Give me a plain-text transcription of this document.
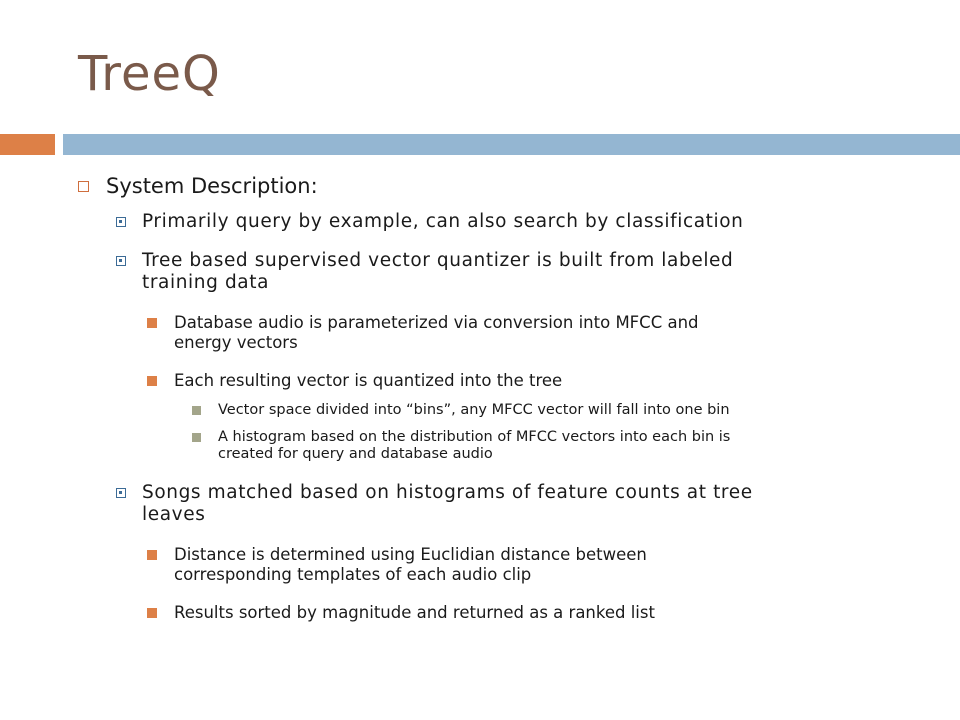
TreeQ
System Description:
Primarily query by example, can also search by classification
Tree based supervised vector quantizer is built from labeled
training data
Database audio is parameterized via conversion into MFCC and
energy vectors
Each resulting vector is quantized into the tree
Vector space divided into “bins”, any MFCC vector will fall into one bin
A histogram based on the distribution of MFCC vectors into each bin is
created for query and database audio
Songs matched based on histograms of feature counts at tree
leaves
Distance is determined using Euclidian distance between
corresponding templates of each audio clip
Results sorted by magnitude and returned as a ranked list
